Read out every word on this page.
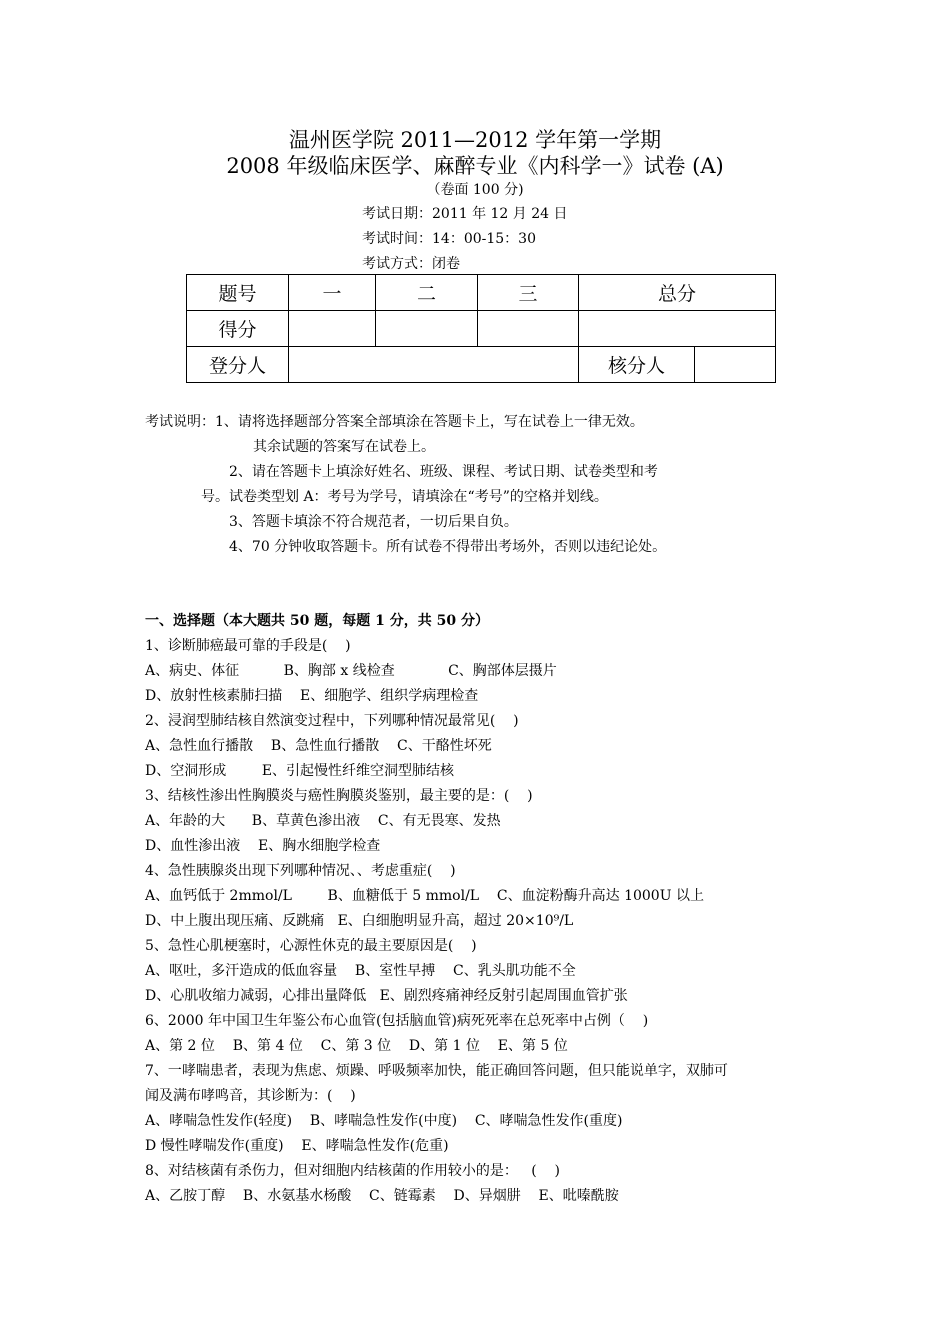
温州医学院 2011—2012 学年第一学期
2008 年级临床医学、麻醉专业《内科学一》试卷 (A)
（卷面 100 分)
考试日期：2011 年 12 月 24 日
考试时间：14：00-15：30
考试方式：闭卷
题号	一	二	三	总分	
得分					
登分人				核分人	
考试说明：1、请将选择题部分答案全部填涂在答题卡上，写在试卷上一律无效。
其余试题的答案写在试卷上。
2、请在答题卡上填涂好姓名、班级、课程、考试日期、试卷类型和考
号。试卷类型划 A：考号为学号，请填涂在“考号”的空格并划线。
3、答题卡填涂不符合规范者，一切后果自负。
4、70 分钟收取答题卡。所有试卷不得带出考场外，否则以违纪论处。
一、选择题（本大题共 50 题，每题 1 分，共 50 分）
1、诊断肺癌最可靠的手段是(    )
A、病史、体征          B、胸部 x 线检查            C、胸部体层摄片
D、放射性核素肺扫描    E、细胞学、组织学病理检查
2、浸润型肺结核自然演变过程中，下列哪种情况最常见(    )
A、急性血行播散    B、急性血行播散    C、干酪性坏死
D、空洞形成        E、引起慢性纤维空洞型肺结核
3、结核性渗出性胸膜炎与癌性胸膜炎鉴别，最主要的是：(    )
A、年龄的大      B、草黄色渗出液    C、有无畏寒、发热
D、血性渗出液    E、胸水细胞学检查
4、急性胰腺炎出现下列哪种情况、、考虑重症(    )
A、血钙低于 2mmol/L        B、血糖低于 5 mmol/L    C、血淀粉酶升高达 1000U 以上
D、中上腹出现压痛、反跳痛   E、白细胞明显升高，超过 20×10⁹/L
5、急性心肌梗塞时，心源性休克的最主要原因是(    )
A、呕吐，多汗造成的低血容量    B、室性早搏    C、乳头肌功能不全
D、心肌收缩力减弱，心排出量降低   E、剧烈疼痛神经反射引起周围血管扩张
6、2000 年中国卫生年鉴公布心血管(包括脑血管)病死死率在总死率中占例（    )
A、第 2 位    B、第 4 位    C、第 3 位    D、第 1 位    E、第 5 位
7、一哮喘患者，表现为焦虑、烦躁、呼吸频率加快，能正确回答问题，但只能说单字，双肺可
闻及满布哮鸣音，其诊断为：(    )
A、哮喘急性发作(轻度)    B、哮喘急性发作(中度)    C、哮喘急性发作(重度)
D 慢性哮喘发作(重度)    E、哮喘急性发作(危重)
8、对结核菌有杀伤力，但对细胞内结核菌的作用较小的是：   (    )
A、乙胺丁醇    B、水氨基水杨酸    C、链霉素    D、异烟肼    E、吡嗪酰胺
